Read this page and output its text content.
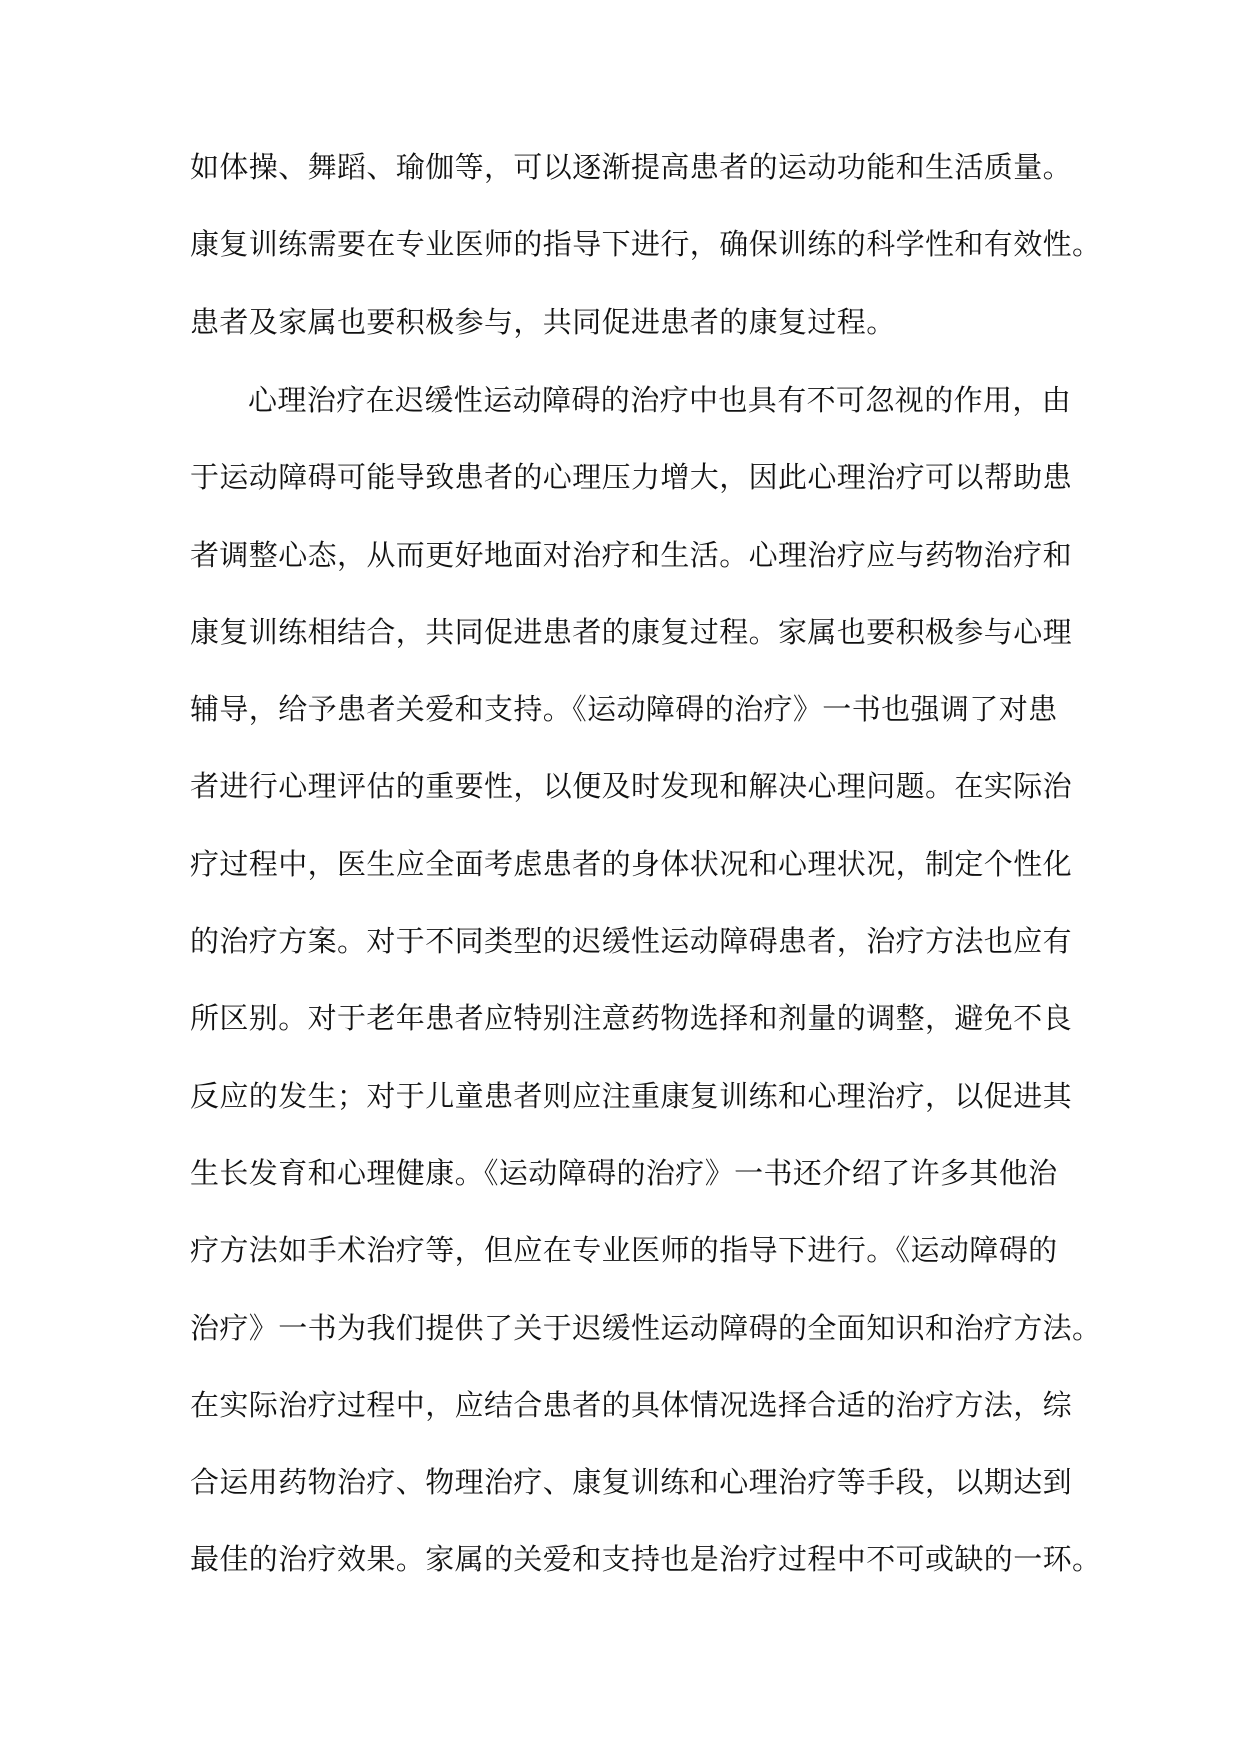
如体操、舞蹈、瑜伽等，可以逐渐提高患者的运动功能和生活质量。
康复训练需要在专业医师的指导下进行，确保训练的科学性和有效性。
患者及家属也要积极参与，共同促进患者的康复过程。
心理治疗在迟缓性运动障碍的治疗中也具有不可忽视的作用，由
于运动障碍可能导致患者的心理压力增大，因此心理治疗可以帮助患
者调整心态，从而更好地面对治疗和生活。心理治疗应与药物治疗和
康复训练相结合，共同促进患者的康复过程。家属也要积极参与心理
辅导，给予患者关爱和支持。《运动障碍的治疗》一书也强调了对患
者进行心理评估的重要性，以便及时发现和解决心理问题。在实际治
疗过程中，医生应全面考虑患者的身体状况和心理状况，制定个性化
的治疗方案。对于不同类型的迟缓性运动障碍患者，治疗方法也应有
所区别。对于老年患者应特别注意药物选择和剂量的调整，避免不良
反应的发生；对于儿童患者则应注重康复训练和心理治疗，以促进其
生长发育和心理健康。《运动障碍的治疗》一书还介绍了许多其他治
疗方法如手术治疗等，但应在专业医师的指导下进行。《运动障碍的
治疗》一书为我们提供了关于迟缓性运动障碍的全面知识和治疗方法。
在实际治疗过程中，应结合患者的具体情况选择合适的治疗方法，综
合运用药物治疗、物理治疗、康复训练和心理治疗等手段，以期达到
最佳的治疗效果。家属的关爱和支持也是治疗过程中不可或缺的一环。
